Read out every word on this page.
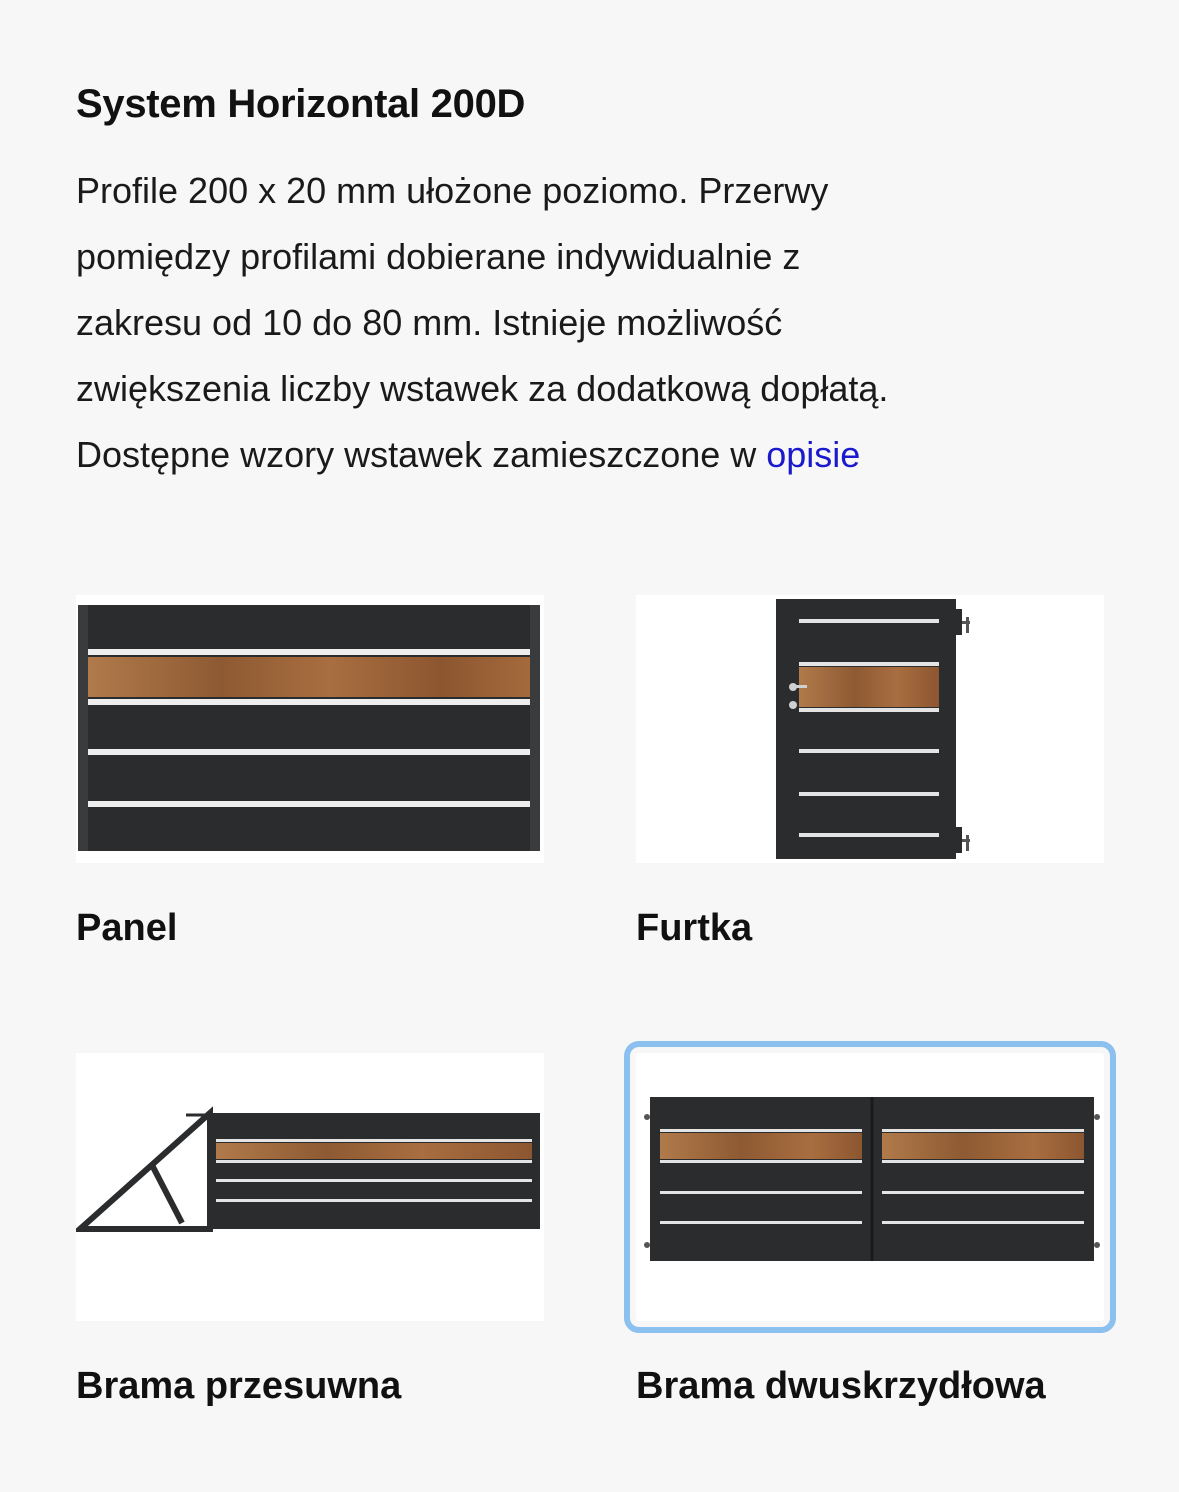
System Horizontal 200D

Profile 200 x 20 mm ułożone poziomo. Przerwy
pomiędzy profilami dobierane indywidualnie z
zakresu od 10 do 80 mm. Istnieje możliwość
zwiększenia liczby wstawek za dodatkową dopłatą.
Dostępne wzory wstawek zamieszczone w opisie

Panel	Furtka
Brama przesuwna	Brama dwuskrzydłowa
